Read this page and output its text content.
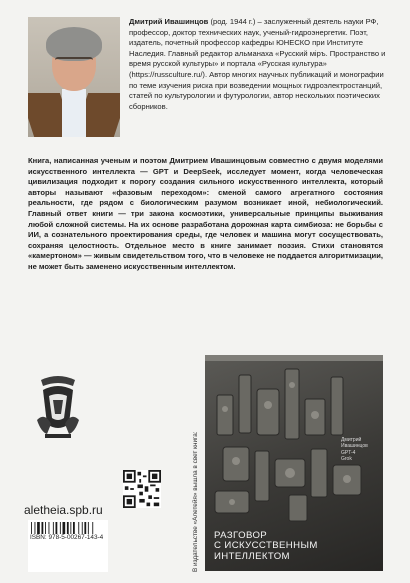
Дмитрий Ивашинцов (род. 1944 г.) – заслуженный деятель науки РФ, профессор, доктор технических наук, ученый-гидроэнергетик. Поэт, издатель, почетный профессор кафедры ЮНЕСКО при Институте Наследия. Главный редактор альманаха «Русский мiръ. Пространство и время русской культуры» и портала «Русская культура» (https://russculture.ru/). Автор многих научных публикаций и монографии по теме изучения риска при возведении мощных гидроэлектростанций, статей по культурологии и футурологии, автор нескольких поэтических сборников.

Книга, написанная ученым и поэтом Дмитрием Ивашинцовым совместно с двумя моделями искусственного интеллекта — GPT и DeepSeek, исследует момент, когда человеческая цивилизация подходит к порогу создания сильного искусственного интеллекта, который авторы называют «фазовым переходом»: сменой самого агрегатного состояния реальности, где рядом с биологическим разумом возникает иной, небиологический. Главный ответ книги — три закона космоэтики, универсальные принципы выживания любой сложной системы. На их основе разработана дорожная карта симбиоза: не борьбы с ИИ, а сознательного проектирования среды, где человек и машина могут сосуществовать, сохраняя целостность. Отдельное место в книге занимает поэзия. Стихи становятся «камертоном» — живым свидетельством того, что в человеке не поддается алгоритмизации, не может быть заменено искусственным интеллектом.

В издательстве «Алетейя» вышла в свет книга:
aletheia.spb.ru
ISBN: 978-5-00267-143-4
Дмитрий
Ивашинцов
GPT-4
Grok
РАЗГОВОР
С ИСКУССТВЕННЫМ
ИНТЕЛЛЕКТОМ
